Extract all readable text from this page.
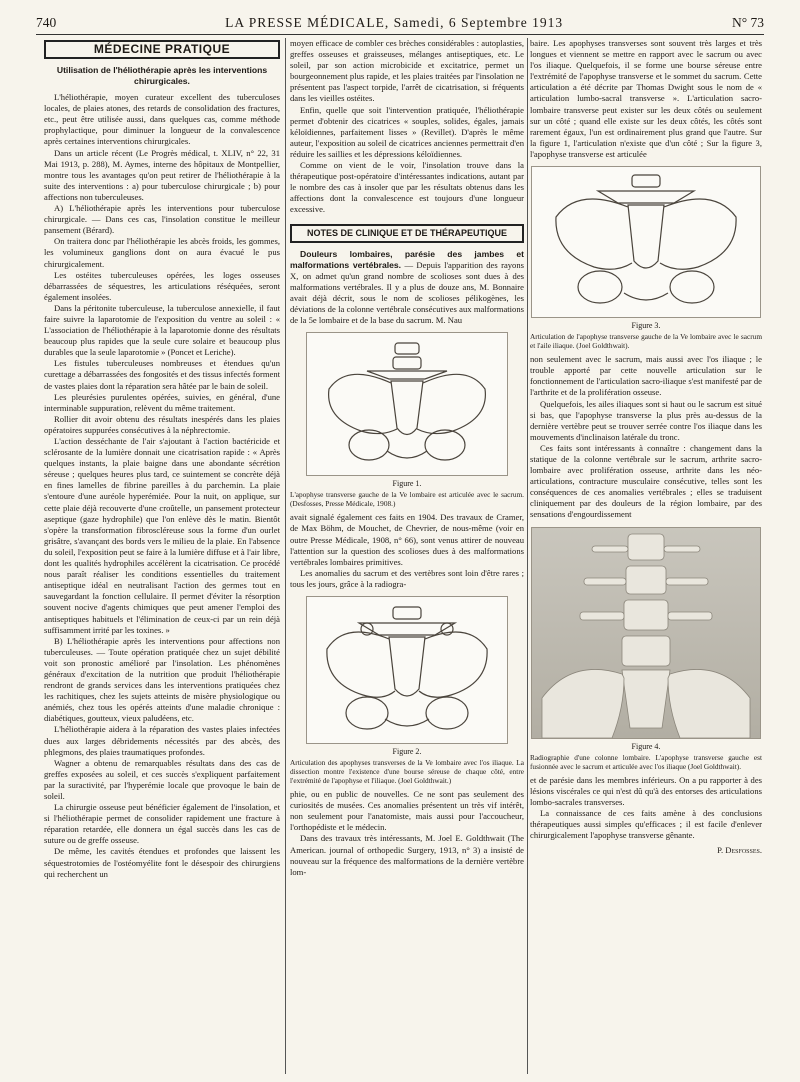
740	LA PRESSE MÉDICALE, Samedi, 6 Septembre 1913	N° 73
MÉDECINE PRATIQUE
Utilisation de l'héliothérapie après les interventions chirurgicales.

L'héliothérapie, moyen curateur excellent des tuberculoses locales, de plaies atones, des retards de consolidation des fractures, etc., peut être utilisée aussi, dans quelques cas, comme méthode prophylactique, pour diminuer la longueur de la convalescence après certaines interventions chirurgicales.

Dans un article récent (Le Progrès médical, t. XLIV, n° 22, 31 Mai 1913, p. 288), M. Aymes, interne des hôpitaux de Montpellier, montre tous les avantages qu'on peut retirer de l'héliothérapie à la suite des interventions : a) pour tuberculose chirurgicale ; b) pour affections non tuberculeuses.

A) L'héliothérapie après les interventions pour tuberculose chirurgicale. — Dans ces cas, l'insolation constitue le meilleur pansement (Bérard).

On traitera donc par l'héliothérapie les abcès froids, les gommes, les volumineux ganglions dont on aura évacué le pus chirurgicalement.

Les ostéites tuberculeuses opérées, les loges osseuses débarrassées de séquestres, les articulations réséquées, seront également insolées.

Dans la péritonite tuberculeuse, la tuberculose annexielle, il faut faire suivre la laparotomie de l'exposition du ventre au soleil : « L'association de l'héliothérapie à la laparotomie donne des résultats beaucoup plus rapides que la seule cure solaire et beaucoup plus durables que la seule laparotomie » (Poncet et Leriche).

Les fistules tuberculeuses nombreuses et étendues qu'un curettage a débarrassées des fongosités et des tissus infectés forment de vastes plaies dont la réparation sera hâtée par le bain de soleil.

Les pleurésies purulentes opérées, suivies, en général, d'une interminable suppuration, relèvent du même traitement.

Rollier dit avoir obtenu des résultats inespérés dans les plaies opératoires suppurées consécutives à la néphrectomie.

L'action desséchante de l'air s'ajoutant à l'action bactéricide et sclérosante de la lumière donnait une cicatrisation rapide : « Après quelques instants, la plaie baigne dans une abondante sécrétion séreuse ; quelques heures plus tard, ce suintement se concrète déjà en fines lamelles de fibrine pareilles à du parchemin. La plaie s'entoure d'une auréole hyperémiée. Pour la nuit, on applique, sur cette plaie déjà recouverte d'une croûtelle, un pansement protecteur aseptique (gaze hydrophile) que l'on enlève dès le matin. Bientôt s'opère la transformation fibroscléreuse sous la forme d'un ourlet grisâtre, s'avançant des bords vers le milieu de la plaie. En l'absence du soleil, l'exposition peut se faire à la lumière diffuse et à l'air libre, dont les qualités hydrophiles accélèrent la cicatrisation. Ce procédé nous paraît réaliser les conditions essentielles du traitement antiseptique idéal en neutralisant l'action des germes tout en sauvegardant la fonction cellulaire. Il permet d'éviter la résorption souvent nocive d'agents chimiques que peut amener l'emploi des antiseptiques habituels et l'élimination de ceux-ci par un rein déjà suffisamment irrité par les toxines. »

B) L'héliothérapie après les interventions pour affections non tuberculeuses. — Toute opération pratiquée chez un sujet débilité voit son pronostic amélioré par l'insolation. Les phénomènes généraux d'excitation de la nutrition que produit l'héliothérapie rendront de grands services dans les interventions pratiquées chez les rachitiques, chez les sujets atteints de misère physiologique ou anémiés, chez tous les opérés atteints d'une maladie chronique : diabétiques, goutteux, vieux paludéens, etc.

L'héliothérapie aidera à la réparation des vastes plaies infectées dues aux larges débridements nécessités par des abcès, des phlegmons, des plaies traumatiques profondes.

Wagner a obtenu de remarquables résultats dans des cas de greffes exposées au soleil, et ces succès s'expliquent parfaitement par la suractivité, par l'hyperémie locale que provoque le bain de soleil.

La chirurgie osseuse peut bénéficier également de l'insolation, et si l'héliothérapie permet de consolider rapidement une fracture à réparation retardée, elle donnera un égal succès dans les cas de suture ou de greffe osseuse.

De même, les cavités étendues et profondes que laissent les séquestrotomies de l'ostéomyélite font le désespoir des chirurgiens qui recherchent un

moyen efficace de combler ces brèches considérables : autoplasties, greffes osseuses et graisseuses, mélanges antiseptiques, etc. Le soleil, par son action microbicide et excitatrice, permet un bourgeonnement plus rapide, et les plaies traitées par l'insolation ne présentent pas l'aspect torpide, l'arrêt de cicatrisation, si fréquents dans les vieilles ostéites.

Enfin, quelle que soit l'intervention pratiquée, l'héliothérapie permet d'obtenir des cicatrices « souples, solides, égales, jamais kéloïdiennes, parfaitement lisses » (Revillet). D'après le même auteur, l'exposition au soleil de cicatrices anciennes permettrait d'en réduire les saillies et les dépressions kéloïdiennes.

Comme on vient de le voir, l'insolation trouve dans la thérapeutique post-opératoire d'intéressantes indications, autant par le nombre des cas à insoler que par les résultats obtenus dans les affections dont la convalescence est toujours d'une longueur excessive.

NOTES DE CLINIQUE ET DE THÉRAPEUTIQUE

Douleurs lombaires, parésie des jambes et malformations vertébrales. — Depuis l'apparition des rayons X, on admet qu'un grand nombre de scolioses sont dues à des malformations vertébrales. Il y a plus de douze ans, M. Bonnaire avait déjà décrit, sous le nom de scolioses pélikogènes, les déviations de la colonne vertébrale consécutives aux malformations de la 5e lombaire et de la base du sacrum. M. Nau

Figure 1.
L'apophyse transverse gauche de la Ve lombaire est articulée avec le sacrum. (Desfosses, Presse Médicale, 1908.)

avait signalé également ces faits en 1904. Des travaux de Cramer, de Max Böhm, de Mouchet, de Chevrier, de nous-même (voir en outre Presse Médicale, 1908, n° 66), sont venus attirer de nouveau l'attention sur la question des scolioses dues à des malformations vertébrales lombaires primitives.

Les anomalies du sacrum et des vertèbres sont loin d'être rares ; tous les jours, grâce à la radiogra-

Figure 2.
Articulation des apophyses transverses de la Ve lombaire avec l'os iliaque. La dissection montre l'existence d'une bourse séreuse de chaque côté, entre l'extrémité de l'apophyse et l'iliaque. (Joel Goldthwait.)

phie, ou en public de nouvelles. Ce ne sont pas seulement des curiosités de musées. Ces anomalies présentent un très vif intérêt, non seulement pour l'anatomiste, mais aussi pour l'accoucheur, l'orthopédiste et le médecin.

Dans des travaux très intéressants, M. Joel E. Goldthwait (The American. journal of orthopedic Surgery, 1913, n° 3) a insisté de nouveau sur la fréquence des malformations de la dernière vertèbre lom-

baire. Les apophyses transverses sont souvent très larges et très longues et viennent se mettre en rapport avec le sacrum ou avec l'os iliaque. Quelquefois, il se forme une bourse séreuse entre l'extrémité de l'apophyse transverse et le sommet du sacrum. Cette articulation a été décrite par Thomas Dwight sous le nom de « articulation lumbo-sacral transverse ». L'articulation sacro-lombaire transverse peut exister sur les deux côtés ou seulement sur un côté ; quand elle existe sur les deux côtés, les côtés sont rarement égaux, l'un est ordinairement plus grand que l'autre. Sur la figure 1, l'articulation n'existe que d'un côté ; Sur la figure 3, l'apophyse transverse est articulée

Figure 3.
Articulation de l'apophyse transverse gauche de la Ve lombaire avec le sacrum et l'aile iliaque. (Joel Goldthwait).

non seulement avec le sacrum, mais aussi avec l'os iliaque ; le trouble apporté par cette nouvelle articulation sur le fonctionnement de l'articulation sacro-iliaque s'est manifesté par de l'arthrite et de la prolifération osseuse.

Quelquefois, les ailes iliaques sont si haut ou le sacrum est situé si bas, que l'apophyse transverse la plus près au-dessus de la dernière vertèbre peut se trouver serrée contre l'os iliaque dans les mouvements d'inclinaison latérale du tronc.

Ces faits sont intéressants à connaître : changement dans la statique de la colonne vertébrale sur le sacrum, arthrite sacro-lombaire avec prolifération osseuse, arthrite dans les néo-articulations, contracture musculaire consécutive, telles sont les conséquences de ces anomalies vertébrales ; elles se traduisent cliniquement par des douleurs de la région lombaire, par des sensations d'engourdissement

Figure 4.
Radiographie d'une colonne lombaire. L'apophyse transverse gauche est fusionnée avec le sacrum et articulée avec l'os iliaque (Joel Goldthwait).

et de parésie dans les membres inférieurs. On a pu rapporter à des lésions viscérales ce qui n'est dû qu'à des entorses des articulations lombo-sacrales transverses.

La connaissance de ces faits amène à des conclusions thérapeutiques aussi simples qu'efficaces ; il est facile d'enlever chirurgicalement l'apophyse transverse gênante.

P. Desfosses.
